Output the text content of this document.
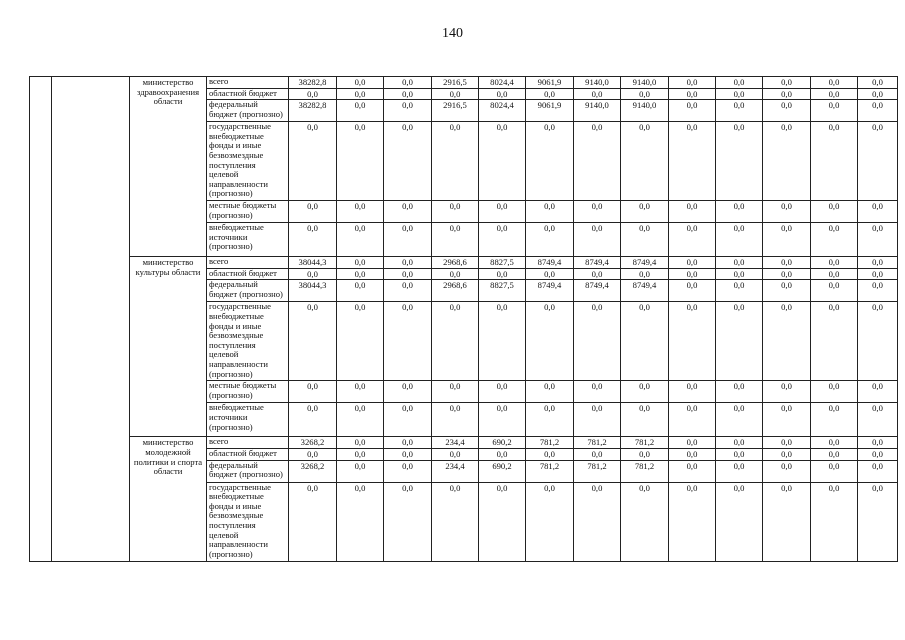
140
		министерство здравоохранения области	всего	38282,8	0,0	0,0	2916,5	8024,4	9061,9	9140,0	9140,0	0,0	0,0	0,0	0,0	0,0
			областной бюджет	0,0	0,0	0,0	0,0	0,0	0,0	0,0	0,0	0,0	0,0	0,0	0,0	0,0
			федеральный бюджет (прогнозно)	38282,8	0,0	0,0	2916,5	8024,4	9061,9	9140,0	9140,0	0,0	0,0	0,0	0,0	0,0
			государственные внебюджетные фонды и иные безвозмездные поступления целевой направленности (прогнозно)	0,0	0,0	0,0	0,0	0,0	0,0	0,0	0,0	0,0	0,0	0,0	0,0	0,0
			местные бюджеты (прогнозно)	0,0	0,0	0,0	0,0	0,0	0,0	0,0	0,0	0,0	0,0	0,0	0,0	0,0
			внебюджетные источники (прогнозно)	0,0	0,0	0,0	0,0	0,0	0,0	0,0	0,0	0,0	0,0	0,0	0,0	0,0
		министерство культуры области	всего	38044,3	0,0	0,0	2968,6	8827,5	8749,4	8749,4	8749,4	0,0	0,0	0,0	0,0	0,0
			областной бюджет	0,0	0,0	0,0	0,0	0,0	0,0	0,0	0,0	0,0	0,0	0,0	0,0	0,0
			федеральный бюджет (прогнозно)	38044,3	0,0	0,0	2968,6	8827,5	8749,4	8749,4	8749,4	0,0	0,0	0,0	0,0	0,0
			государственные внебюджетные фонды и иные безвозмездные поступления целевой направленности (прогнозно)	0,0	0,0	0,0	0,0	0,0	0,0	0,0	0,0	0,0	0,0	0,0	0,0	0,0
			местные бюджеты (прогнозно)	0,0	0,0	0,0	0,0	0,0	0,0	0,0	0,0	0,0	0,0	0,0	0,0	0,0
			внебюджетные источники (прогнозно)	0,0	0,0	0,0	0,0	0,0	0,0	0,0	0,0	0,0	0,0	0,0	0,0	0,0
		министерство молодежной политики и спорта области	всего	3268,2	0,0	0,0	234,4	690,2	781,2	781,2	781,2	0,0	0,0	0,0	0,0	0,0
			областной бюджет	0,0	0,0	0,0	0,0	0,0	0,0	0,0	0,0	0,0	0,0	0,0	0,0	0,0
			федеральный бюджет (прогнозно)	3268,2	0,0	0,0	234,4	690,2	781,2	781,2	781,2	0,0	0,0	0,0	0,0	0,0
			государственные внебюджетные фонды и иные безвозмездные поступления целевой направленности (прогнозно)	0,0	0,0	0,0	0,0	0,0	0,0	0,0	0,0	0,0	0,0	0,0	0,0	0,0
